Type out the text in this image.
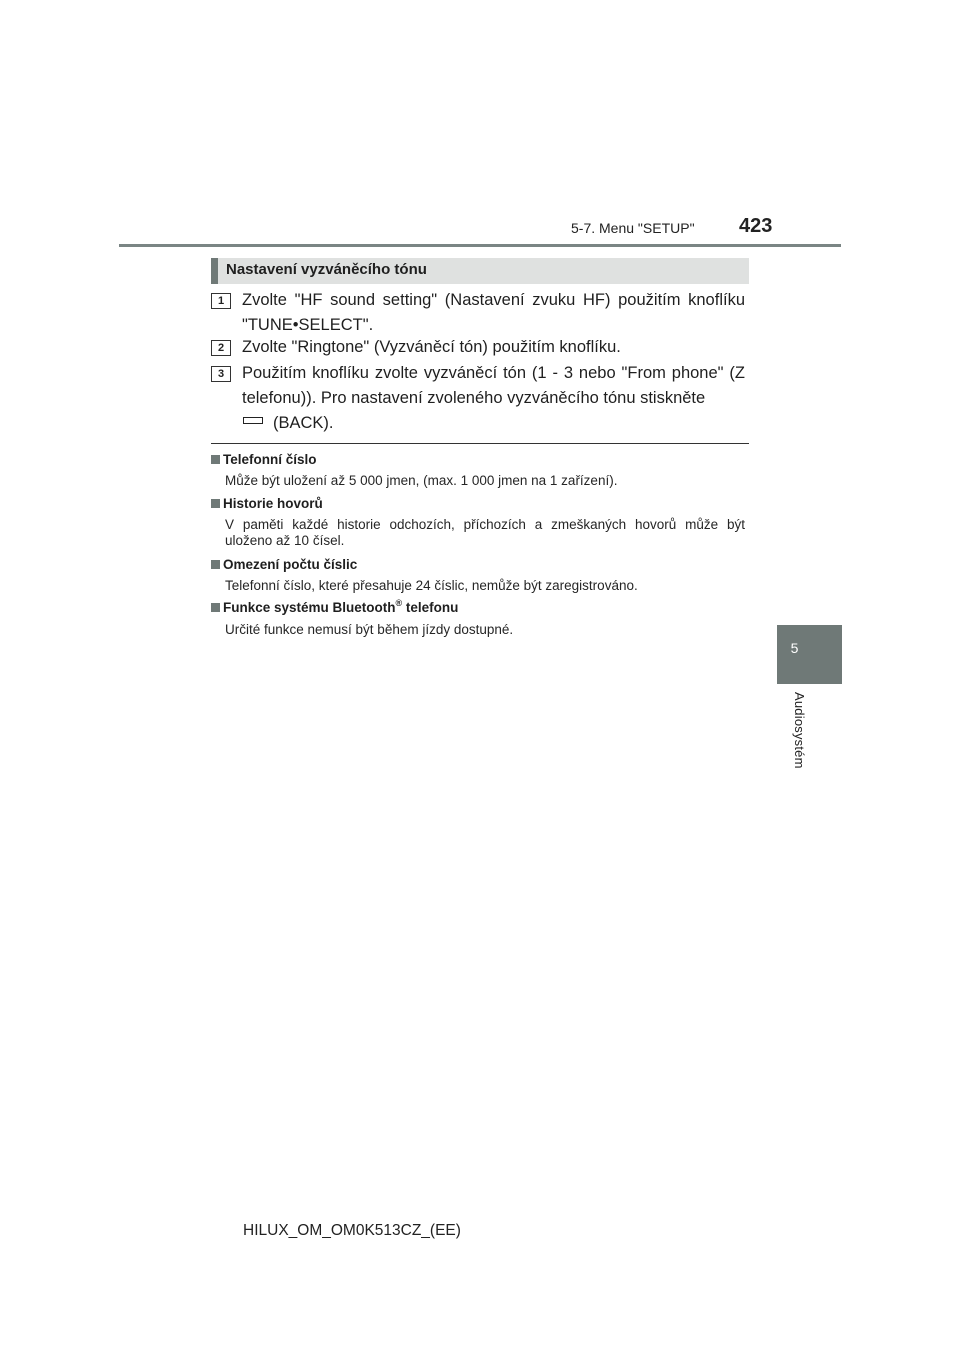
5-7. Menu "SETUP" 423
5
Audiosystém
Nastavení vyzváněcího tónu
1	Zvolte "HF sound setting" (Nastavení zvuku HF) použitím knoflíku "TUNE•SELECT".
2	Zvolte "Ringtone" (Vyzváněcí tón) použitím knoflíku.
3	Použitím knoflíku zvolte vyzváněcí tón (1 - 3 nebo "From phone" (Z telefonu)). Pro nastavení zvoleného vyzváněcího tónu stiskněte
(BACK).
Telefonní číslo
Může být uložení až 5 000 jmen, (max. 1 000 jmen na 1 zařízení).
Historie hovorů
V paměti každé historie odchozích, příchozích a zmeškaných hovorů může být uloženo až 10 čísel.
Omezení počtu číslic
Telefonní číslo, které přesahuje 24 číslic, nemůže být zaregistrováno.
Funkce systému Bluetooth® telefonu
Určité funkce nemusí být během jízdy dostupné.
HILUX_OM_OM0K513CZ_(EE)
